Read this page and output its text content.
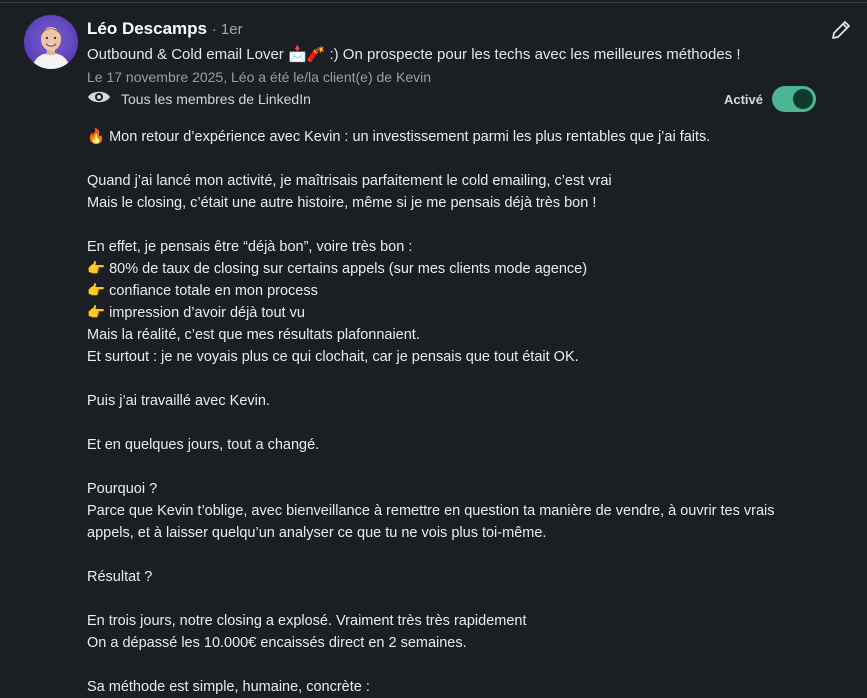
Léo Descamps · 1er
Outbound & Cold email Lover 📩🧨 :) On prospecte pour les techs avec les meilleures méthodes !
Le 17 novembre 2025, Léo a été le/la client(e) de Kevin
Tous les membres de LinkedIn	Activé

🔥 Mon retour d’expérience avec Kevin : un investissement parmi les plus rentables que j’ai faits.

Quand j’ai lancé mon activité, je maîtrisais parfaitement le cold emailing, c’est vrai

Mais le closing, c’était une autre histoire, même si je me pensais déjà très bon !

En effet, je pensais être “déjà bon”, voire très bon :

👉 80% de taux de closing sur certains appels (sur mes clients mode agence)

👉 confiance totale en mon process

👉 impression d’avoir déjà tout vu

Mais la réalité, c’est que mes résultats plafonnaient.

Et surtout : je ne voyais plus ce qui clochait, car je pensais que tout était OK.

Puis j’ai travaillé avec Kevin.

Et en quelques jours, tout a changé.

Pourquoi ?

Parce que Kevin t’oblige, avec bienveillance à remettre en question ta manière de vendre, à ouvrir tes vrais

appels, et à laisser quelqu’un analyser ce que tu ne vois plus toi-même.

Résultat ?

En trois jours, notre closing a explosé. Vraiment très très rapidement

On a dépassé les 10.000€ encaissés direct en 2 semaines.

Sa méthode est simple, humaine, concrète :
